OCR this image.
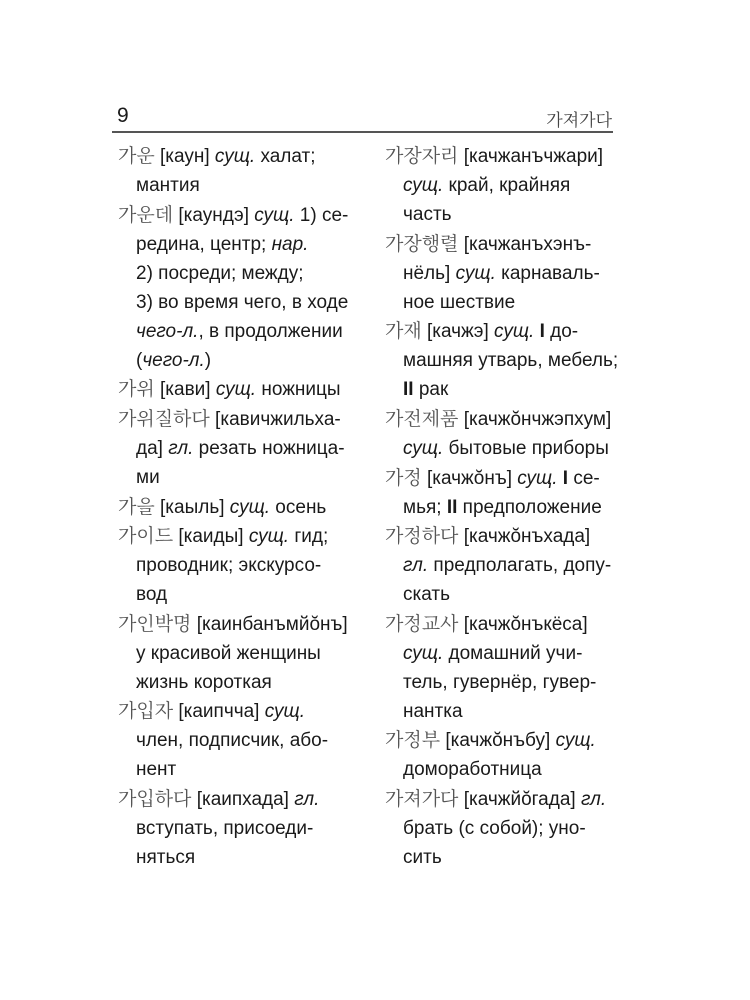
9	가져가다
가운 [каун] сущ. халат;
мантия
가운데 [каундэ] сущ. 1) се-
редина, центр; нар.
2) посреди; между;
3) во время чего, в ходе
чего-л., в продолжении
(чего-л.)
가위 [кави] сущ. ножницы
가위질하다 [кавичжильха-
да] гл. резать ножница-
ми
가을 [каыль] сущ. осень
가이드 [каиды] сущ. гид;
проводник; экскурсо-
вод
가인박명 [каинбанъмйŏнъ]
у красивой женщины
жизнь короткая
가입자 [каипчча] сущ.
член, подписчик, або-
нент
가입하다 [каипхада] гл.
вступать, присоеди-
няться
가장자리 [качжанъчжари]
сущ. край, крайняя
часть
가장행렬 [качжанъхэнъ-
нёль] сущ. карнаваль-
ное шествие
가재 [качжэ] сущ. I до-
машняя утварь, мебель;
II рак
가전제품 [качжŏнчжэпхум]
сущ. бытовые приборы
가정 [качжŏнъ] сущ. I се-
мья; II предположение
가정하다 [качжŏнъхада]
гл. предполагать, допу-
скать
가정교사 [качжŏнъкёса]
сущ. домашний учи-
тель, гувернёр, гувер-
нантка
가정부 [качжŏнъбу] сущ.
домоработница
가져가다 [качжйŏгада] гл.
брать (с собой); уно-
сить
